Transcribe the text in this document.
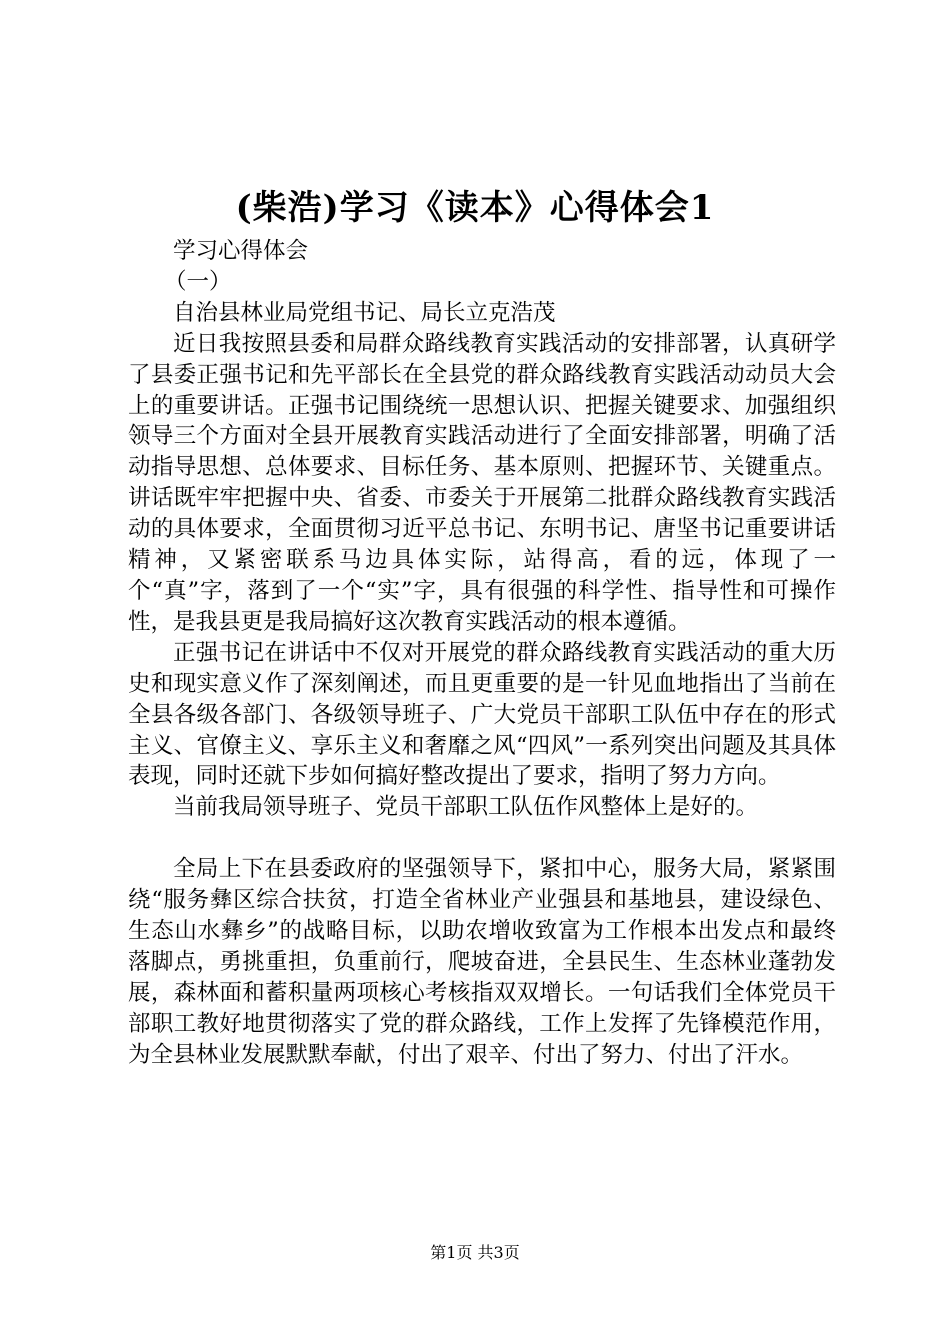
(柴浩)学习《读本》心得体会1

学习心得体会

（一）

自治县林业局党组书记、局长立克浩茂

近日我按照县委和局群众路线教育实践活动的安排部署，认真研学了县委正强书记和先平部长在全县党的群众路线教育实践活动动员大会上的重要讲话。正强书记围绕统一思想认识、把握关键要求、加强组织领导三个方面对全县开展教育实践活动进行了全面安排部署，明确了活动指导思想、总体要求、目标任务、基本原则、把握环节、关键重点。讲话既牢牢把握中央、省委、市委关于开展第二批群众路线教育实践活动的具体要求，全面贯彻习近平总书记、东明书记、唐坚书记重要讲话精神，又紧密联系马边具体实际，站得高，看的远，体现了一个“真”字，落到了一个“实”字，具有很强的科学性、指导性和可操作性，是我县更是我局搞好这次教育实践活动的根本遵循。

正强书记在讲话中不仅对开展党的群众路线教育实践活动的重大历史和现实意义作了深刻阐述，而且更重要的是一针见血地指出了当前在全县各级各部门、各级领导班子、广大党员干部职工队伍中存在的形式主义、官僚主义、享乐主义和奢靡之风“四风”一系列突出问题及其具体表现，同时还就下步如何搞好整改提出了要求，指明了努力方向。

当前我局领导班子、党员干部职工队伍作风整体上是好的。

全局上下在县委政府的坚强领导下，紧扣中心，服务大局，紧紧围绕“服务彝区综合扶贫，打造全省林业产业强县和基地县，建设绿色、生态山水彝乡”的战略目标，以助农增收致富为工作根本出发点和最终落脚点，勇挑重担，负重前行，爬坡奋进，全县民生、生态林业蓬勃发展，森林面和蓄积量两项核心考核指双双增长。一句话我们全体党员干部职工教好地贯彻落实了党的群众路线，工作上发挥了先锋模范作用，为全县林业发展默默奉献，付出了艰辛、付出了努力、付出了汗水。

第1页 共3页
